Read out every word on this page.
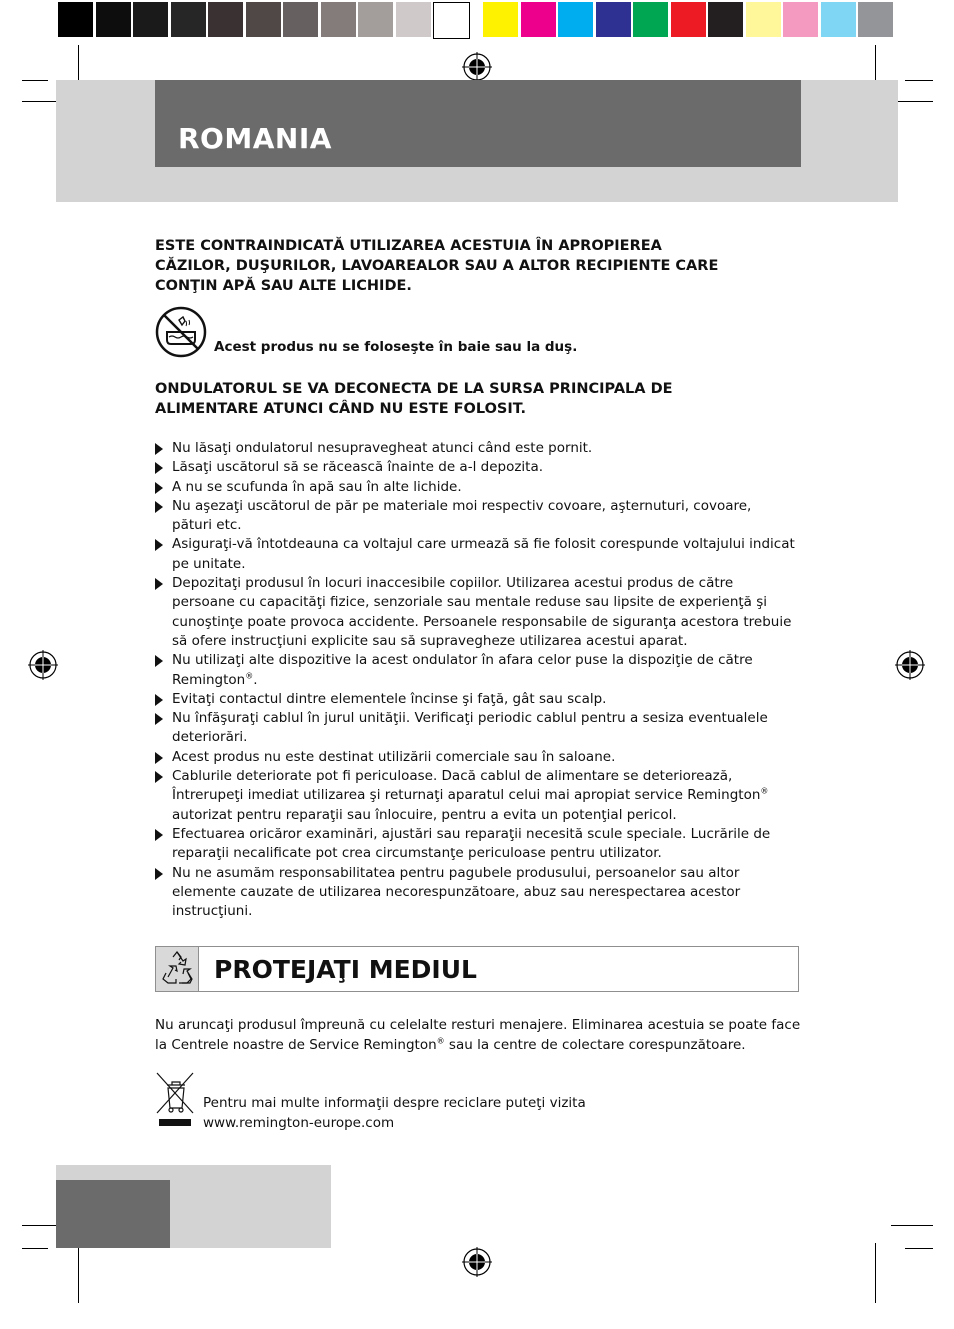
ROMANIA
ESTE CONTRAINDICATĂ UTILIZAREA ACESTUIA ÎN APROPIEREA
CĂZILOR, DUŞURILOR, LAVOAREALOR SAU A ALTOR RECIPIENTE CARE
CONŢIN APĂ SAU ALTE LICHIDE.
Acest produs nu se foloseşte în baie sau la duş.
ONDULATORUL SE VA DECONECTA DE LA SURSA PRINCIPALA DE
ALIMENTARE ATUNCI CÂND NU ESTE FOLOSIT.
Nu lăsaţi ondulatorul nesupravegheat atunci când este pornit.
Lăsaţi uscătorul să se răcească înainte de a-l depozita.
A nu se scufunda în apă sau în alte lichide.
Nu aşezaţi uscătorul de păr pe materiale moi respectiv covoare, aşternuturi, covoare, pături etc.
Asiguraţi-vă întotdeauna ca voltajul care urmează să fie folosit corespunde voltajului indicat pe unitate.
Depozitaţi produsul în locuri inaccesibile copiilor. Utilizarea acestui produs de către persoane cu capacităţi fizice, senzoriale sau mentale reduse sau lipsite de experienţă şi cunoştinţe poate provoca accidente. Persoanele responsabile de siguranţa acestora trebuie să ofere instrucţiuni explicite sau să supravegheze utilizarea acestui aparat.
Nu utilizaţi alte dispozitive la acest ondulator în afara celor puse la dispoziţie de către Remington®.
Evitaţi contactul dintre elementele încinse şi faţă, gât sau scalp.
Nu înfăşuraţi cablul în jurul unităţii. Verificaţi periodic cablul pentru a sesiza eventualele deteriorări.
Acest produs nu este destinat utilizării comerciale sau în saloane.
Cablurile deteriorate pot fi periculoase. Dacă cablul de alimentare se deteriorează, Întrerupeţi imediat utilizarea şi returnaţi aparatul celui mai apropiat service Remington® autorizat pentru reparaţii sau înlocuire, pentru a evita un potenţial pericol.
Efectuarea oricăror examinări, ajustări sau reparaţii necesită scule speciale. Lucrările de reparaţii necalificate pot crea circumstanţe periculoase pentru utilizator.
Nu ne asumăm responsabilitatea pentru pagubele produsului, persoanelor sau altor elemente cauzate de utilizarea necorespunzătoare, abuz sau nerespectarea acestor instrucţiuni.
PROTEJAŢI MEDIUL
Nu aruncaţi produsul împreună cu celelalte resturi menajere. Eliminarea acestuia se poate face la Centrele noastre de Service Remington® sau la centre de colectare corespunzătoare.
Pentru mai multe informaţii despre reciclare puteţi vizita
www.remington-europe.com
